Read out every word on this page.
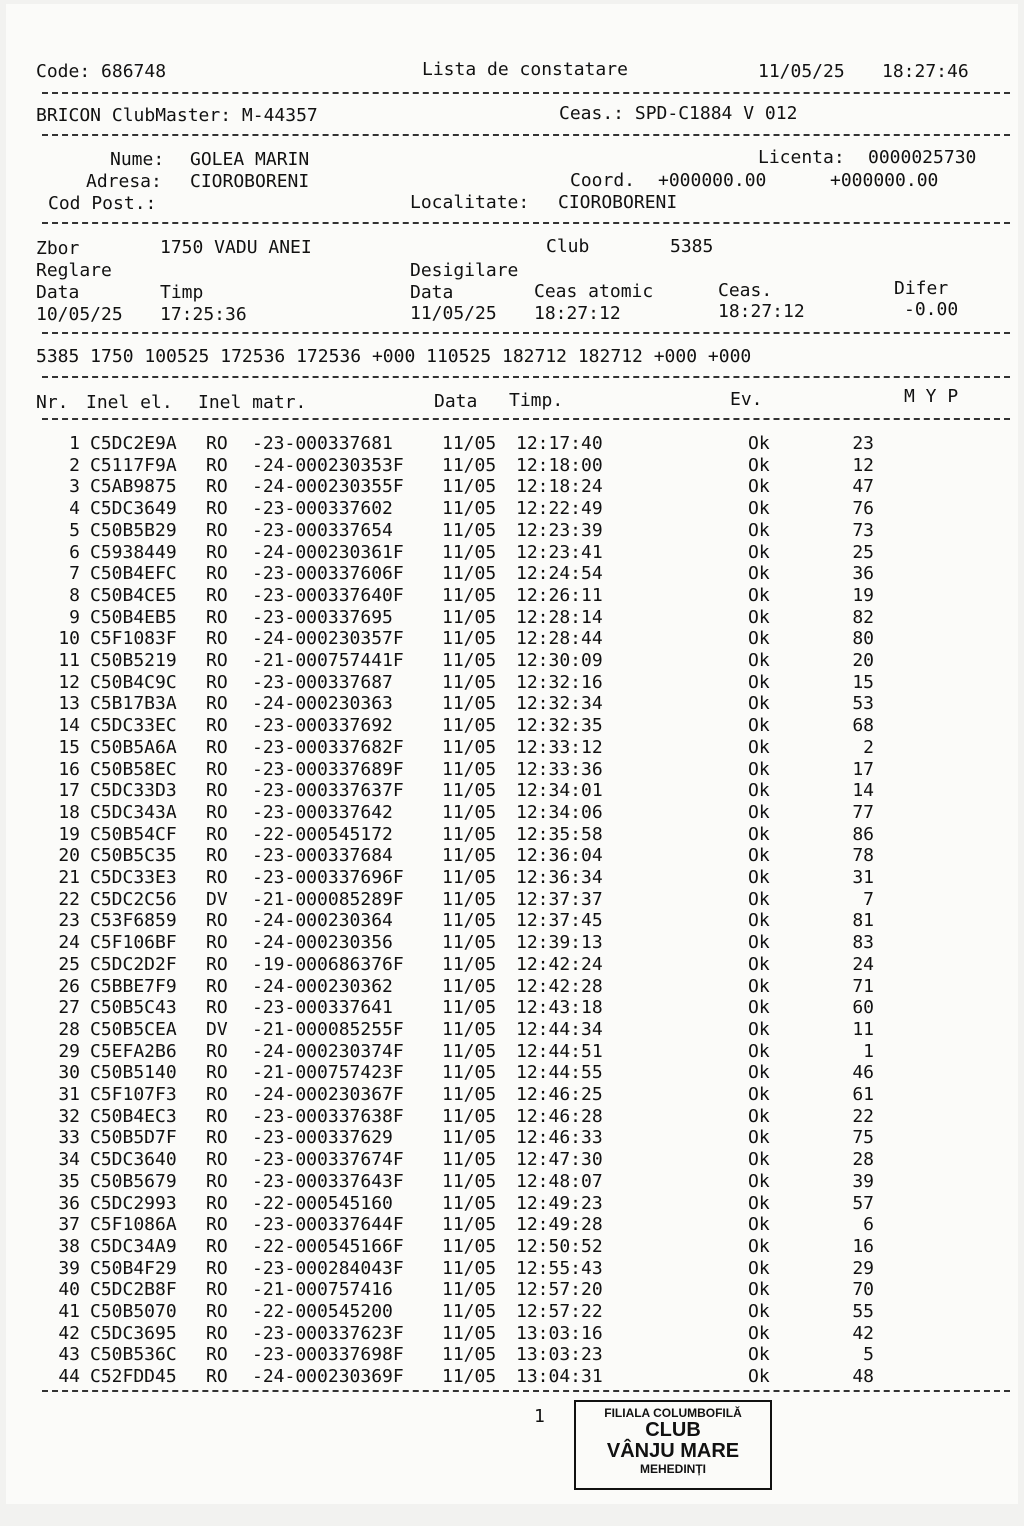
Code: 686748	Lista de constatare	11/05/25 18:27:46
BRICON ClubMaster: M-44357	Ceas.: SPD-C1884 V 012
Nume: GOLEA MARIN	Licenta: 0000025730
Adresa: CIOROBORENI	Coord. +000000.00	+000000.00
Cod Post.:	Localitate: CIOROBORENI
Zbor	1750 VADU ANEI	Club	5385
Reglare	Desigilare
Data	Timp	Data	Ceas atomic	Ceas.	Difer
10/05/25 17:25:36	11/05/25 18:27:12	18:27:12	-0.00
5385 1750 100525 172536 172536 +000 110525 182712 182712 +000 +000
Nr. Inel el. Inel matr.	Data Timp.	Ev.	M Y P
1 C5DC2E9A RO -23-000337681	11/05 12:17:40	Ok	23
2 C5117F9A RO -24-000230353F 11/05 12:18:00	Ok	12
3 C5AB9875 RO -24-000230355F 11/05 12:18:24	Ok	47
4 C5DC3649 RO -23-000337602	11/05 12:22:49	Ok	76
5 C50B5B29 RO -23-000337654	11/05 12:23:39	Ok	73
6 C5938449 RO -24-000230361F 11/05 12:23:41	Ok	25
7 C50B4EFC RO -23-000337606F 11/05 12:24:54	Ok	36
8 C50B4CE5 RO -23-000337640F 11/05 12:26:11	Ok	19
9 C50B4EB5 RO -23-000337695	11/05 12:28:14	Ok	82
10 C5F1083F RO -24-000230357F 11/05 12:28:44	Ok	80
11 C50B5219 RO -21-000757441F 11/05 12:30:09	Ok	20
12 C50B4C9C RO -23-000337687	11/05 12:32:16	Ok	15
13 C5B17B3A RO -24-000230363	11/05 12:32:34	Ok	53
14 C5DC33EC RO -23-000337692	11/05 12:32:35	Ok	68
15 C50B5A6A RO -23-000337682F 11/05 12:33:12	Ok	2
16 C50B58EC RO -23-000337689F 11/05 12:33:36	Ok	17
17 C5DC33D3 RO -23-000337637F 11/05 12:34:01	Ok	14
18 C5DC343A RO -23-000337642	11/05 12:34:06	Ok	77
19 C50B54CF RO -22-000545172	11/05 12:35:58	Ok	86
20 C50B5C35 RO -23-000337684	11/05 12:36:04	Ok	78
21 C5DC33E3 RO -23-000337696F 11/05 12:36:34	Ok	31
22 C5DC2C56 DV -21-000085289F 11/05 12:37:37	Ok	7
23 C53F6859 RO -24-000230364	11/05 12:37:45	Ok	81
24 C5F106BF RO -24-000230356	11/05 12:39:13	Ok	83
25 C5DC2D2F RO -19-000686376F 11/05 12:42:24	Ok	24
26 C5BBE7F9 RO -24-000230362	11/05 12:42:28	Ok	71
27 C50B5C43 RO -23-000337641	11/05 12:43:18	Ok	60
28 C50B5CEA DV -21-000085255F 11/05 12:44:34	Ok	11
29 C5EFA2B6 RO -24-000230374F 11/05 12:44:51	Ok	1
30 C50B5140 RO -21-000757423F 11/05 12:44:55	Ok	46
31 C5F107F3 RO -24-000230367F 11/05 12:46:25	Ok	61
32 C50B4EC3 RO -23-000337638F 11/05 12:46:28	Ok	22
33 C50B5D7F RO -23-000337629	11/05 12:46:33	Ok	75
34 C5DC3640 RO -23-000337674F 11/05 12:47:30	Ok	28
35 C50B5679 RO -23-000337643F 11/05 12:48:07	Ok	39
36 C5DC2993 RO -22-000545160	11/05 12:49:23	Ok	57
37 C5F1086A RO -23-000337644F 11/05 12:49:28	Ok	6
38 C5DC34A9 RO -22-000545166F 11/05 12:50:52	Ok	16
39 C50B4F29 RO -23-000284043F 11/05 12:55:43	Ok	29
40 C5DC2B8F RO -21-000757416	11/05 12:57:20	Ok	70
41 C50B5070 RO -22-000545200	11/05 12:57:22	Ok	55
42 C5DC3695 RO -23-000337623F 11/05 13:03:16	Ok	42
43 C50B536C RO -23-000337698F 11/05 13:03:23	Ok	5
44 C52FDD45 RO -24-000230369F 11/05 13:04:31	Ok	48
1	FILIALA COLUMBOFILĂ
CLUB
VÂNJU MARE
MEHEDINȚI
